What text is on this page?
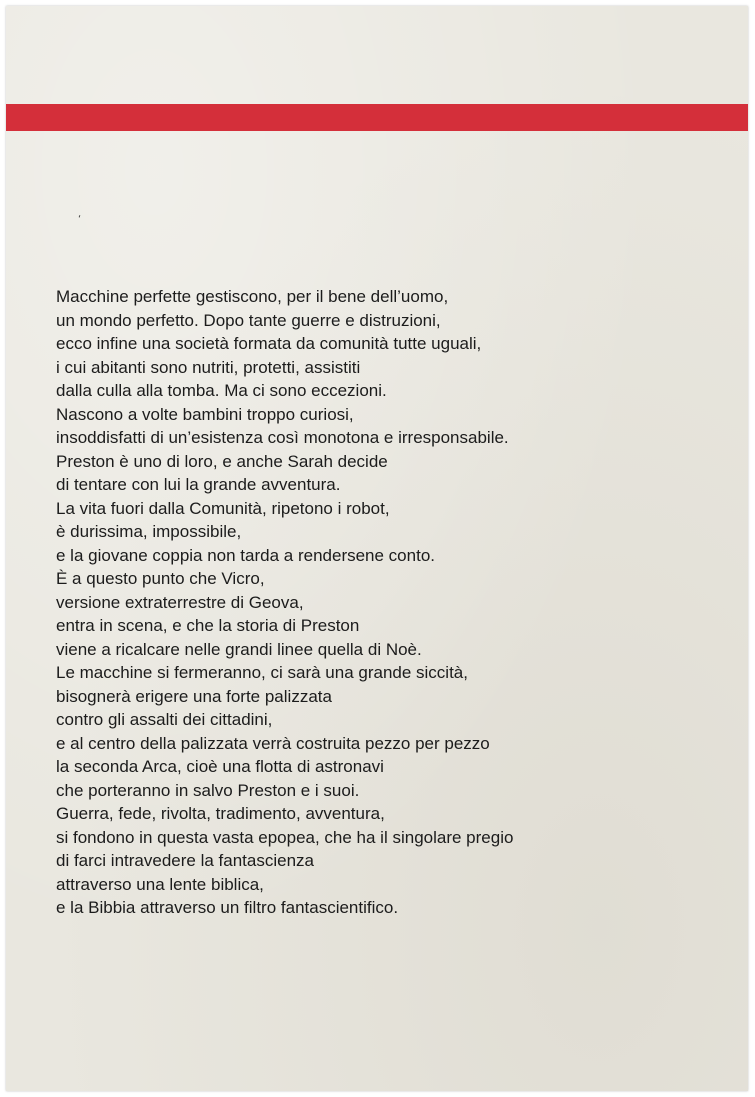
‘
Macchine perfette gestiscono, per il bene dell’uomo,
un mondo perfetto. Dopo tante guerre e distruzioni,
ecco infine una società formata da comunità tutte uguali,
i cui abitanti sono nutriti, protetti, assistiti
dalla culla alla tomba. Ma ci sono eccezioni.
Nascono a volte bambini troppo curiosi,
insoddisfatti di un’esistenza così monotona e irresponsabile.
Preston è uno di loro, e anche Sarah decide
di tentare con lui la grande avventura.
La vita fuori dalla Comunità, ripetono i robot,
è durissima, impossibile,
e la giovane coppia non tarda a rendersene conto.
È a questo punto che Vicro,
versione extraterrestre di Geova,
entra in scena, e che la storia di Preston
viene a ricalcare nelle grandi linee quella di Noè.
Le macchine si fermeranno, ci sarà una grande siccità,
bisognerà erigere una forte palizzata
contro gli assalti dei cittadini,
e al centro della palizzata verrà costruita pezzo per pezzo
la seconda Arca, cioè una flotta di astronavi
che porteranno in salvo Preston e i suoi.
Guerra, fede, rivolta, tradimento, avventura,
si fondono in questa vasta epopea, che ha il singolare pregio
di farci intravedere la fantascienza
attraverso una lente biblica,
e la Bibbia attraverso un filtro fantascientifico.
